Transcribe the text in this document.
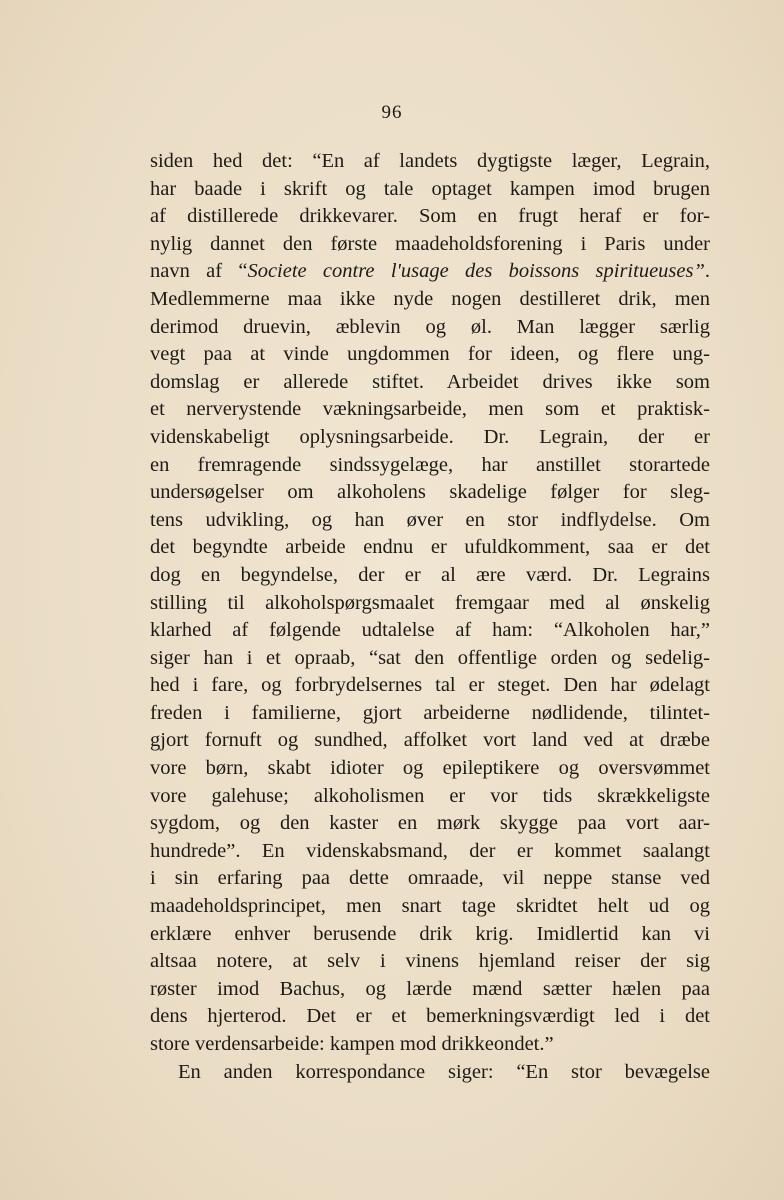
96
siden hed det: “En af landets dygtigste læger, Legrain,
har baade i skrift og tale optaget kampen imod brugen
af distillerede drikkevarer. Som en frugt heraf er for-
nylig dannet den første maadeholdsforening i Paris under
navn af “Societe contre l'usage des boissons spiritueuses”.
Medlemmerne maa ikke nyde nogen destilleret drik, men
derimod druevin, æblevin og øl. Man lægger særlig
vegt paa at vinde ungdommen for ideen, og flere ung-
domslag er allerede stiftet. Arbeidet drives ikke som
et nerverystende vækningsarbeide, men som et praktisk-
videnskabeligt oplysningsarbeide. Dr. Legrain, der er
en fremragende sindssygelæge, har anstillet storartede
undersøgelser om alkoholens skadelige følger for sleg-
tens udvikling, og han øver en stor indflydelse. Om
det begyndte arbeide endnu er ufuldkomment, saa er det
dog en begyndelse, der er al ære værd. Dr. Legrains
stilling til alkoholspørgsmaalet fremgaar med al ønskelig
klarhed af følgende udtalelse af ham: “Alkoholen har,”
siger han i et opraab, “sat den offentlige orden og sedelig-
hed i fare, og forbrydelsernes tal er steget. Den har ødelagt
freden i familierne, gjort arbeiderne nødlidende, tilintet-
gjort fornuft og sundhed, affolket vort land ved at dræbe
vore børn, skabt idioter og epileptikere og oversvømmet
vore galehuse; alkoholismen er vor tids skrækkeligste
sygdom, og den kaster en mørk skygge paa vort aar-
hundrede”. En videnskabsmand, der er kommet saalangt
i sin erfaring paa dette omraade, vil neppe stanse ved
maadeholdsprincipet, men snart tage skridtet helt ud og
erklære enhver berusende drik krig. Imidlertid kan vi
altsaa notere, at selv i vinens hjemland reiser der sig
røster imod Bachus, og lærde mænd sætter hælen paa
dens hjerterod. Det er et bemerkningsværdigt led i det
store verdensarbeide: kampen mod drikkeondet.”
En anden korrespondance siger: “En stor bevægelse
